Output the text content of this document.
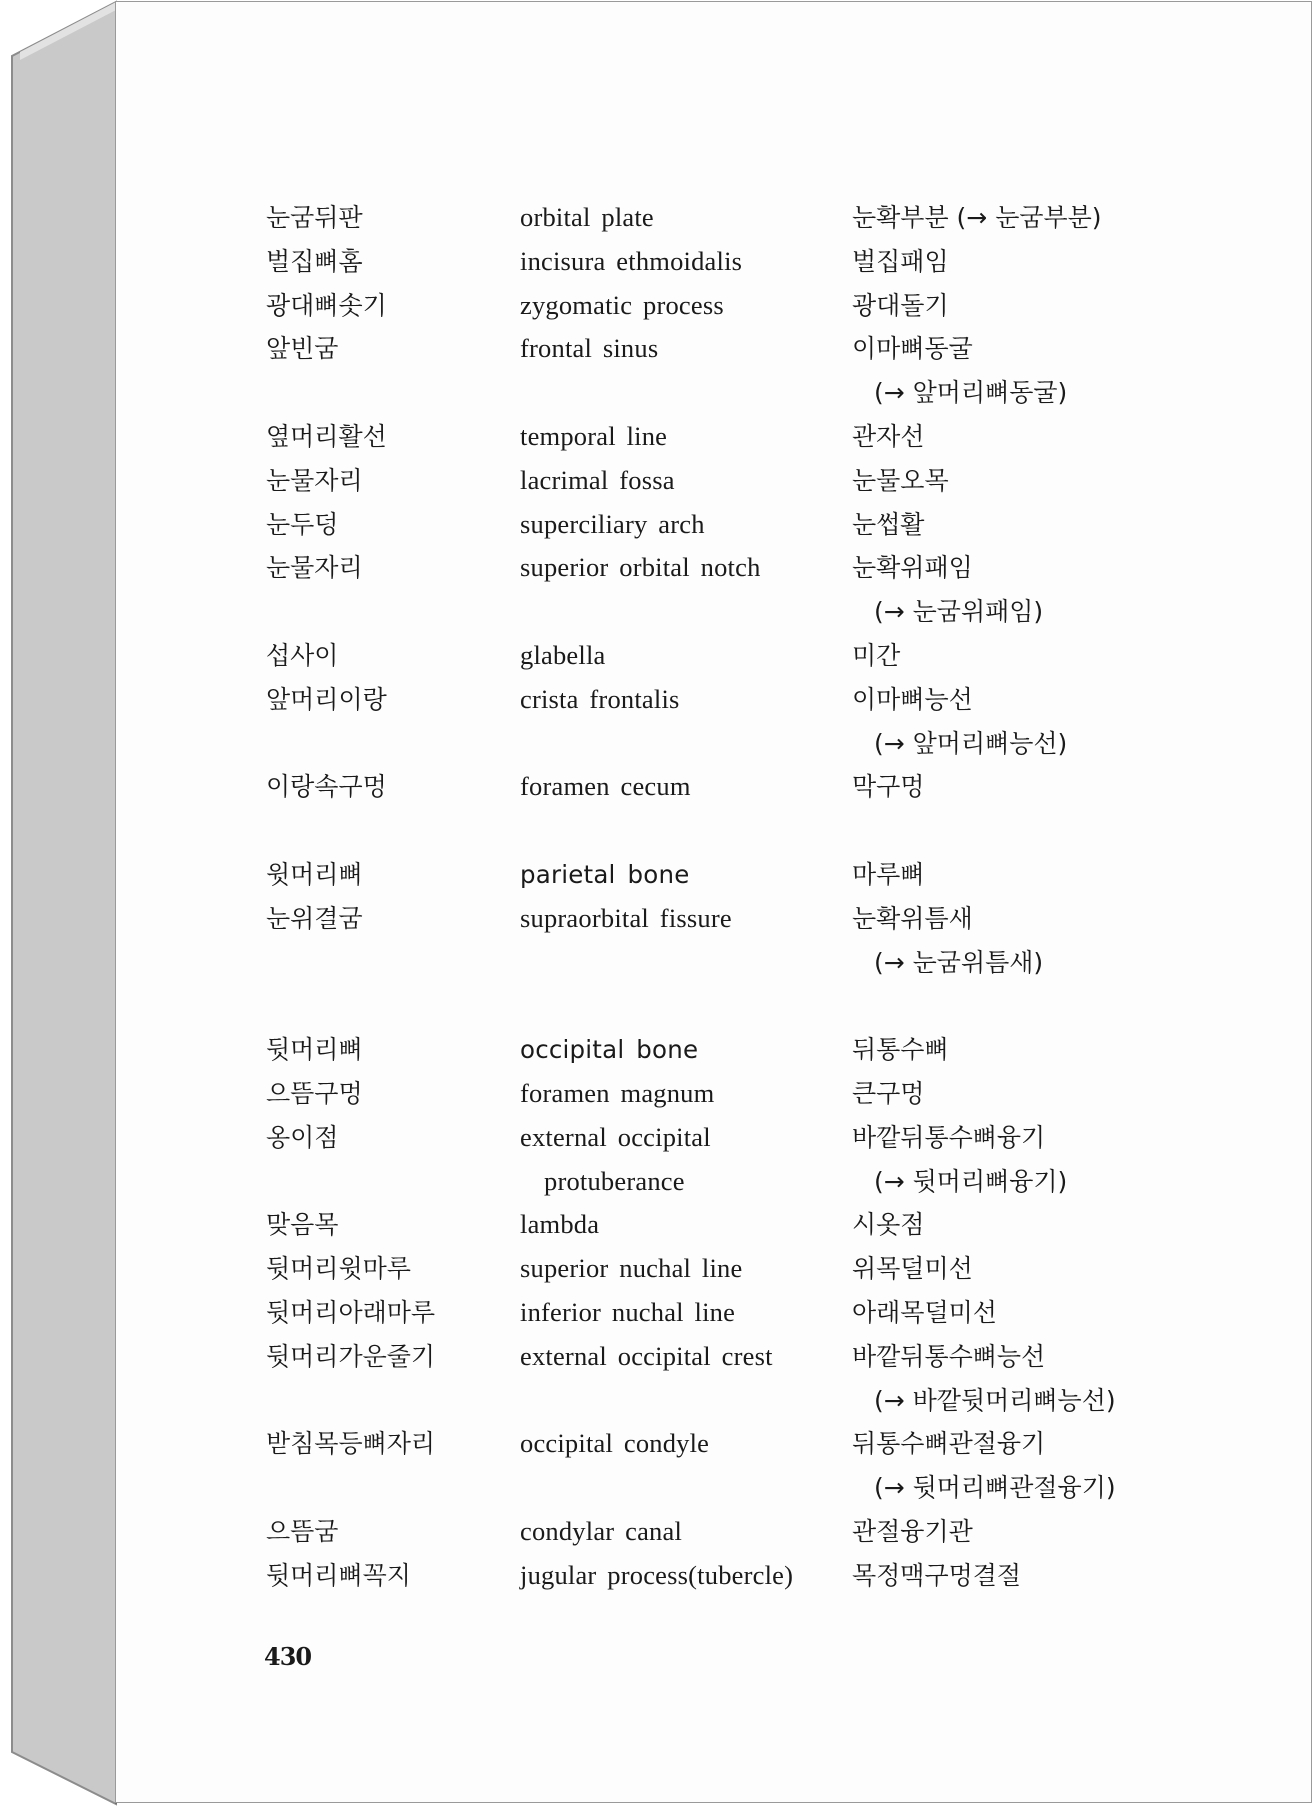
눈굼뒤판	orbital plate	눈확부분 (→ 눈굼부분)
벌집뼈홈	incisura ethmoidalis	벌집패임
광대뼈솟기	zygomatic process	광대돌기
앞빈굼	frontal sinus	이마뼈동굴
(→ 앞머리뼈동굴)
옆머리활선	temporal line	관자선
눈물자리	lacrimal fossa	눈물오목
눈두덩	superciliary arch	눈썹활
눈물자리	superior orbital notch	눈확위패임
(→ 눈굼위패임)
섭사이	glabella	미간
앞머리이랑	crista frontalis	이마뼈능선
(→ 앞머리뼈능선)
이랑속구멍	foramen cecum	막구멍
윗머리뼈	parietal bone	마루뼈
눈위결굼	supraorbital fissure	눈확위틈새
(→ 눈굼위틈새)
뒷머리뼈	occipital bone	뒤통수뼈
으뜸구멍	foramen magnum	큰구멍
옹이점	external occipital	바깥뒤통수뼈융기
protuberance	(→ 뒷머리뼈융기)
맞음목	lambda	시옷점
뒷머리윗마루	superior nuchal line	위목덜미선
뒷머리아래마루	inferior nuchal line	아래목덜미선
뒷머리가운줄기	external occipital crest	바깥뒤통수뼈능선
(→ 바깥뒷머리뼈능선)
받침목등뼈자리	occipital condyle	뒤통수뼈관절융기
(→ 뒷머리뼈관절융기)
으뜸굼	condylar canal	관절융기관
뒷머리뼈꼭지	jugular process(tubercle) 목정맥구멍결절
430
